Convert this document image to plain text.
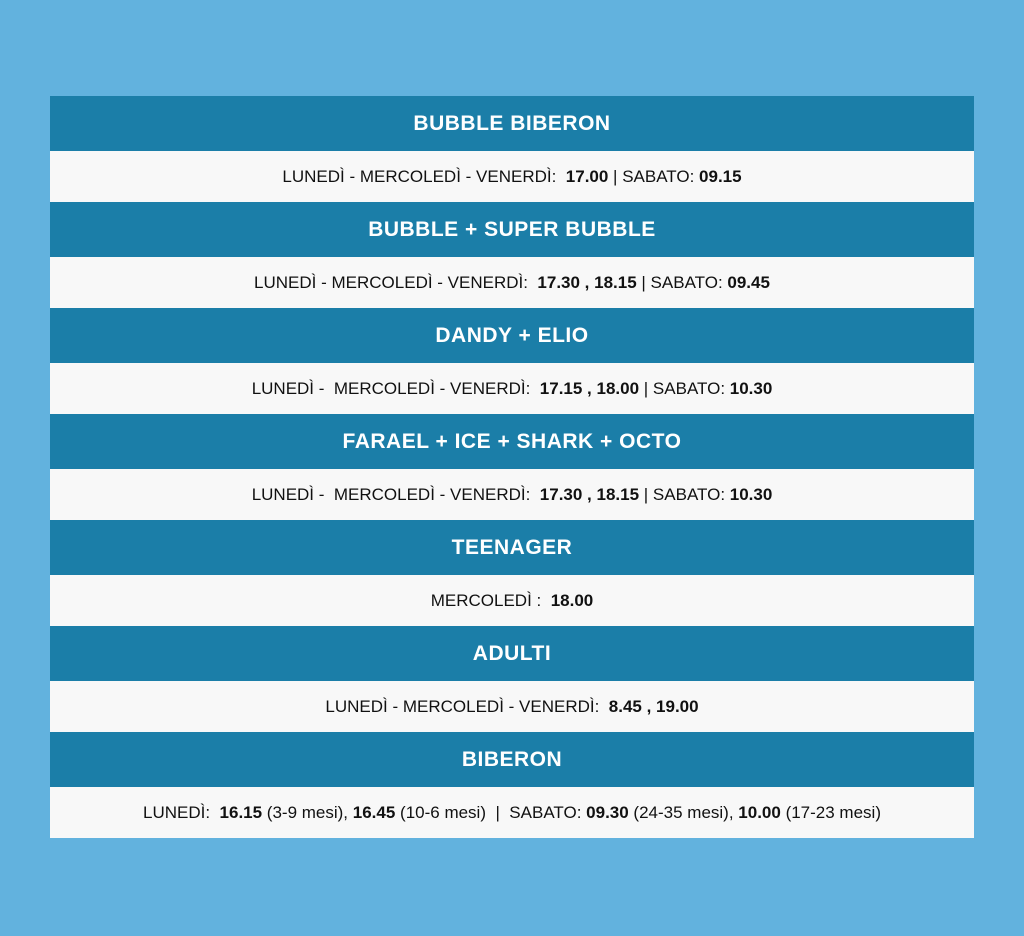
BUBBLE BIBERON
LUNEDÌ - MERCOLEDÌ - VENERDÌ: 17.00 | SABATO: 09.15
BUBBLE + SUPER BUBBLE
LUNEDÌ - MERCOLEDÌ - VENERDÌ: 17.30 , 18.15 | SABATO: 09.45
DANDY + ELIO
LUNEDÌ -  MERCOLEDÌ - VENERDÌ: 17.15 , 18.00 | SABATO: 10.30
FARAEL + ICE + SHARK + OCTO
LUNEDÌ -  MERCOLEDÌ - VENERDÌ: 17.30 , 18.15 | SABATO: 10.30
TEENAGER
MERCOLEDÌ : 18.00
ADULTI
LUNEDÌ - MERCOLEDÌ - VENERDÌ: 8.45 , 19.00
BIBERON
LUNEDÌ: 16.15 (3-9 mesi), 16.45 (10-6 mesi)  |  SABATO: 09.30 (24-35 mesi), 10.00 (17-23 mesi)
